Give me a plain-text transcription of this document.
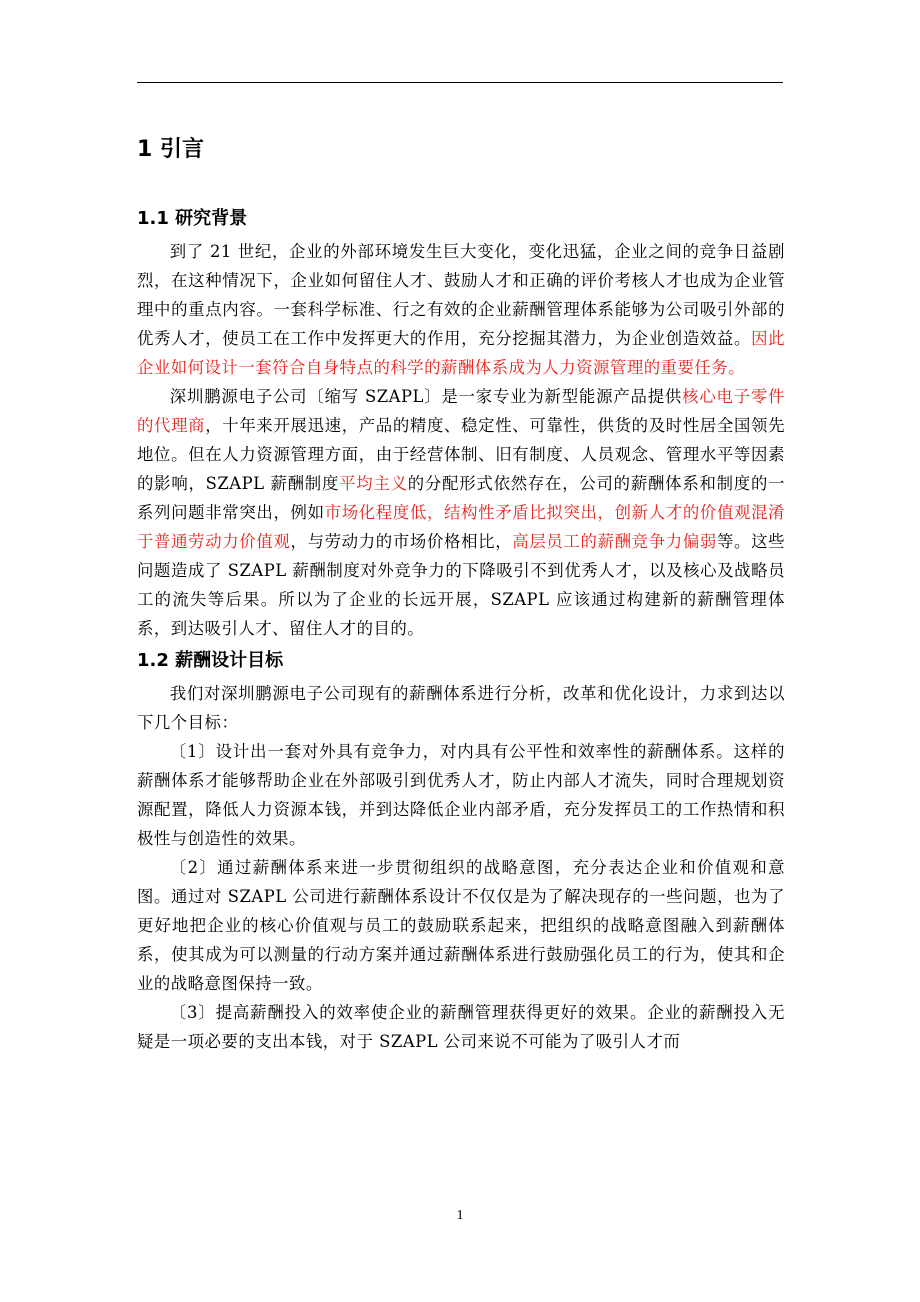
1 引言
1.1 研究背景

到了 21 世纪，企业的外部环境发生巨大变化，变化迅猛，企业之间的竞争日益剧烈，在这种情况下，企业如何留住人才、鼓励人才和正确的评价考核人才也成为企业管理中的重点内容。一套科学标准、行之有效的企业薪酬管理体系能够为公司吸引外部的优秀人才，使员工在工作中发挥更大的作用，充分挖掘其潜力，为企业创造效益。因此企业如何设计一套符合自身特点的科学的薪酬体系成为人力资源管理的重要任务。

深圳鹏源电子公司〔缩写 SZAPL〕是一家专业为新型能源产品提供核心电子零件的代理商，十年来开展迅速，产品的精度、稳定性、可靠性，供货的及时性居全国领先地位。但在人力资源管理方面，由于经营体制、旧有制度、人员观念、管理水平等因素的影响，SZAPL 薪酬制度平均主义的分配形式依然存在，公司的薪酬体系和制度的一系列问题非常突出，例如市场化程度低，结构性矛盾比拟突出，创新人才的价值观混淆于普通劳动力价值观，与劳动力的市场价格相比，高层员工的薪酬竞争力偏弱等。这些问题造成了 SZAPL 薪酬制度对外竞争力的下降吸引不到优秀人才，以及核心及战略员工的流失等后果。所以为了企业的长远开展，SZAPL 应该通过构建新的薪酬管理体系，到达吸引人才、留住人才的目的。

1.2 薪酬设计目标

我们对深圳鹏源电子公司现有的薪酬体系进行分析，改革和优化设计，力求到达以下几个目标：

〔1〕设计出一套对外具有竞争力，对内具有公平性和效率性的薪酬体系。这样的薪酬体系才能够帮助企业在外部吸引到优秀人才，防止内部人才流失，同时合理规划资源配置，降低人力资源本钱，并到达降低企业内部矛盾，充分发挥员工的工作热情和积极性与创造性的效果。

〔2〕通过薪酬体系来进一步贯彻组织的战略意图，充分表达企业和价值观和意图。通过对 SZAPL 公司进行薪酬体系设计不仅仅是为了解决现存的一些问题，也为了更好地把企业的核心价值观与员工的鼓励联系起来，把组织的战略意图融入到薪酬体系，使其成为可以测量的行动方案并通过薪酬体系进行鼓励强化员工的行为，使其和企业的战略意图保持一致。

〔3〕提高薪酬投入的效率使企业的薪酬管理获得更好的效果。企业的薪酬投入无疑是一项必要的支出本钱，对于 SZAPL 公司来说不可能为了吸引人才而

1
